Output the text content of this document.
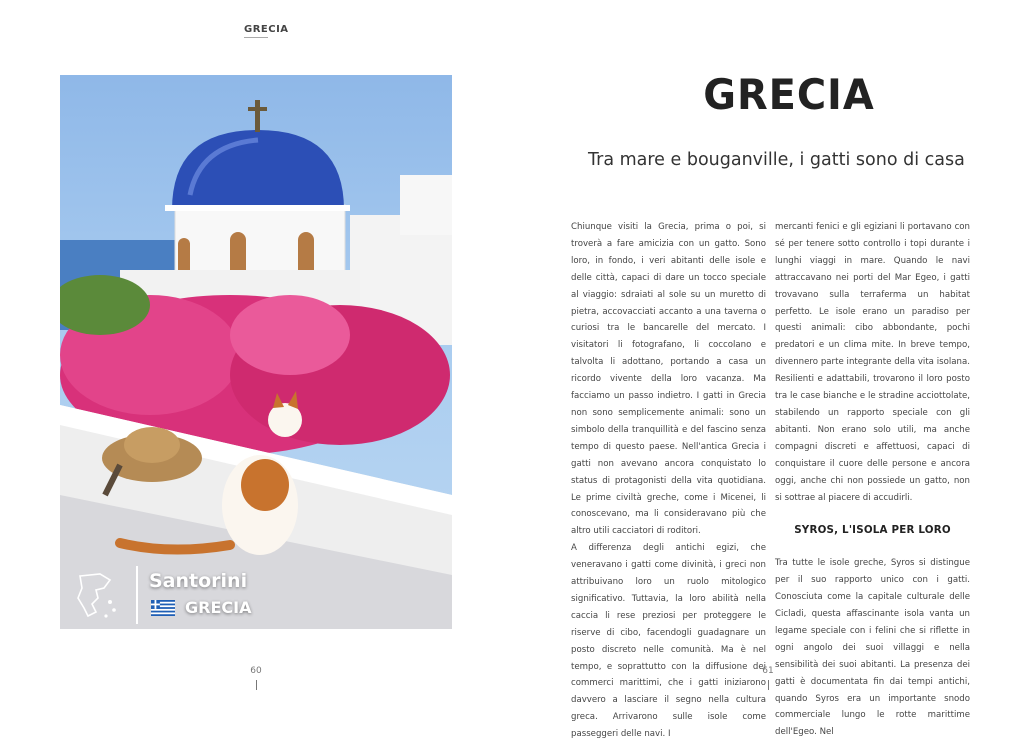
GRECIA
Santorini
GRECIA
GRECIA
Tra mare e bouganville, i gatti sono di casa

Chiunque visiti la Grecia, prima o poi, si troverà a fare amicizia con un gatto. Sono loro, in fondo, i veri abitanti delle isole e delle città, capaci di dare un tocco speciale al viaggio: sdraiati al sole su un muretto di pietra, accovacciati accanto a una taverna o curiosi tra le bancarelle del mercato. I visitatori li fotografano, li coccolano e talvolta li adottano, portando a casa un ricordo vivente della loro vacanza. Ma facciamo un passo indietro. I gatti in Grecia non sono semplicemente animali: sono un simbolo della tranquillità e del fascino senza tempo di questo paese. Nell'antica Grecia i gatti non avevano ancora conquistato lo status di protagonisti della vita quotidiana. Le prime civiltà greche, come i Micenei, li conoscevano, ma li consideravano più che altro utili cacciatori di roditori.

A differenza degli antichi egizi, che veneravano i gatti come divinità, i greci non attribuivano loro un ruolo mitologico significativo. Tuttavia, la loro abilità nella caccia li rese preziosi per proteggere le riserve di cibo, facendogli guadagnare un posto discreto nelle comunità. Ma è nel tempo, e soprattutto con la diffusione dei commerci marittimi, che i gatti iniziarono davvero a lasciare il segno nella cultura greca. Arrivarono sulle isole come passeggeri delle navi. I

mercanti fenici e gli egiziani li portavano con sé per tenere sotto controllo i topi durante i lunghi viaggi in mare. Quando le navi attraccavano nei porti del Mar Egeo, i gatti trovavano sulla terraferma un habitat perfetto. Le isole erano un paradiso per questi animali: cibo abbondante, pochi predatori e un clima mite. In breve tempo, divennero parte integrante della vita isolana. Resilienti e adattabili, trovarono il loro posto tra le case bianche e le stradine acciottolate, stabilendo un rapporto speciale con gli abitanti. Non erano solo utili, ma anche compagni discreti e affettuosi, capaci di conquistare il cuore delle persone e ancora oggi, anche chi non possiede un gatto, non si sottrae al piacere di accudirli.

SYROS, L'ISOLA PER LORO

Tra tutte le isole greche, Syros si distingue per il suo rapporto unico con i gatti. Conosciuta come la capitale culturale delle Cicladi, questa affascinante isola vanta un legame speciale con i felini che si riflette in ogni angolo dei suoi villaggi e nella sensibilità dei suoi abitanti. La presenza dei gatti è documentata fin dai tempi antichi, quando Syros era un importante snodo commerciale lungo le rotte marittime dell'Egeo. Nel

60	61
